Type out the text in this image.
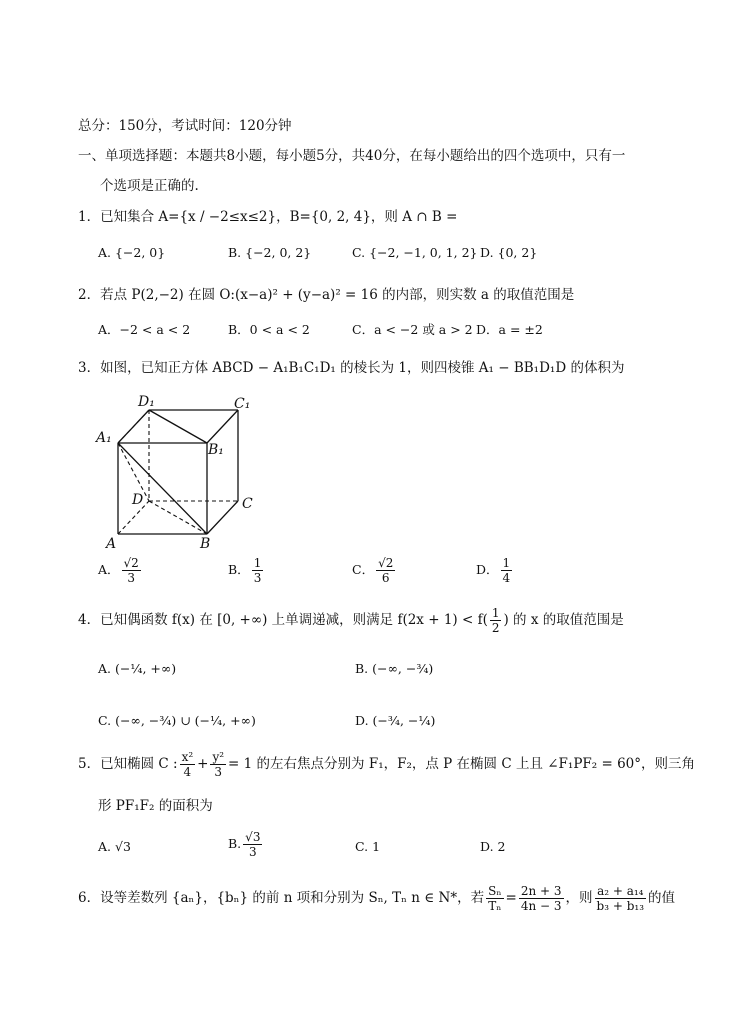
总分：150分，考试时间：120分钟
一、单项选择题：本题共8小题，每小题5分，共40分，在每小题给出的四个选项中，只有一
个选项是正确的.
1．已知集合 A={x / −2≤x≤2}，B={0, 2, 4}，则 A ∩ B =
A. {−2, 0}	B. {−2, 0, 2}	C. {−2, −1, 0, 1, 2} D. {0, 2}
2．若点 P(2,−2) 在圆 O:(x−a)² + (y−a)² = 16 的内部，则实数 a 的取值范围是
A．−2 < a < 2	B．0 < a < 2	C．a < −2 或 a > 2 D．a = ±2
3．如图，已知正方体 ABCD − A₁B₁C₁D₁ 的棱长为 1，则四棱锥 A₁ − BB₁D₁D 的体积为
D₁	C₁
A₁
B₁
D	C
A	B
A． $\frac{√2}{3}$	B． $\frac{1}{3}$	C． $\frac{√2}{6}$	D． $\frac{1}{4}$
4．已知偶函数 f(x) 在 [0, +∞) 上单调递减，则满足 $f(2x + 1) < f( \frac{1}{2}$ ) 的 x 的取值范围是
A. (−¼, +∞)	B. (−∞, −¾)
C. (−∞, −¾) ∪ (−¼, +∞)	D. (−¾, −¼)
5．已知椭圆 C : $\frac{\text{x²}}{4} + \frac{\text{y²}}{3} = 1$ 的左右焦点分别为 F₁，F₂，点 P 在椭圆 C 上且 ∠F₁PF₂ = 60°，则三角
形 PF₁F₂ 的面积为
A. √3	B. $\frac{√3}{3}$	C. 1	D. 2
6．设等差数列 {aₙ}，{bₙ} 的前 n 项和分别为 Sₙ, Tₙ n ∈ N*，若 $\frac{\text{Sₙ}}{\text{Tₙ}} = \frac{2n + 3}{4n - 3}$ ，则 $\frac{\text{a₂ + a₁₄}}{\text{b₃ + b₁₃}}$ 的值
